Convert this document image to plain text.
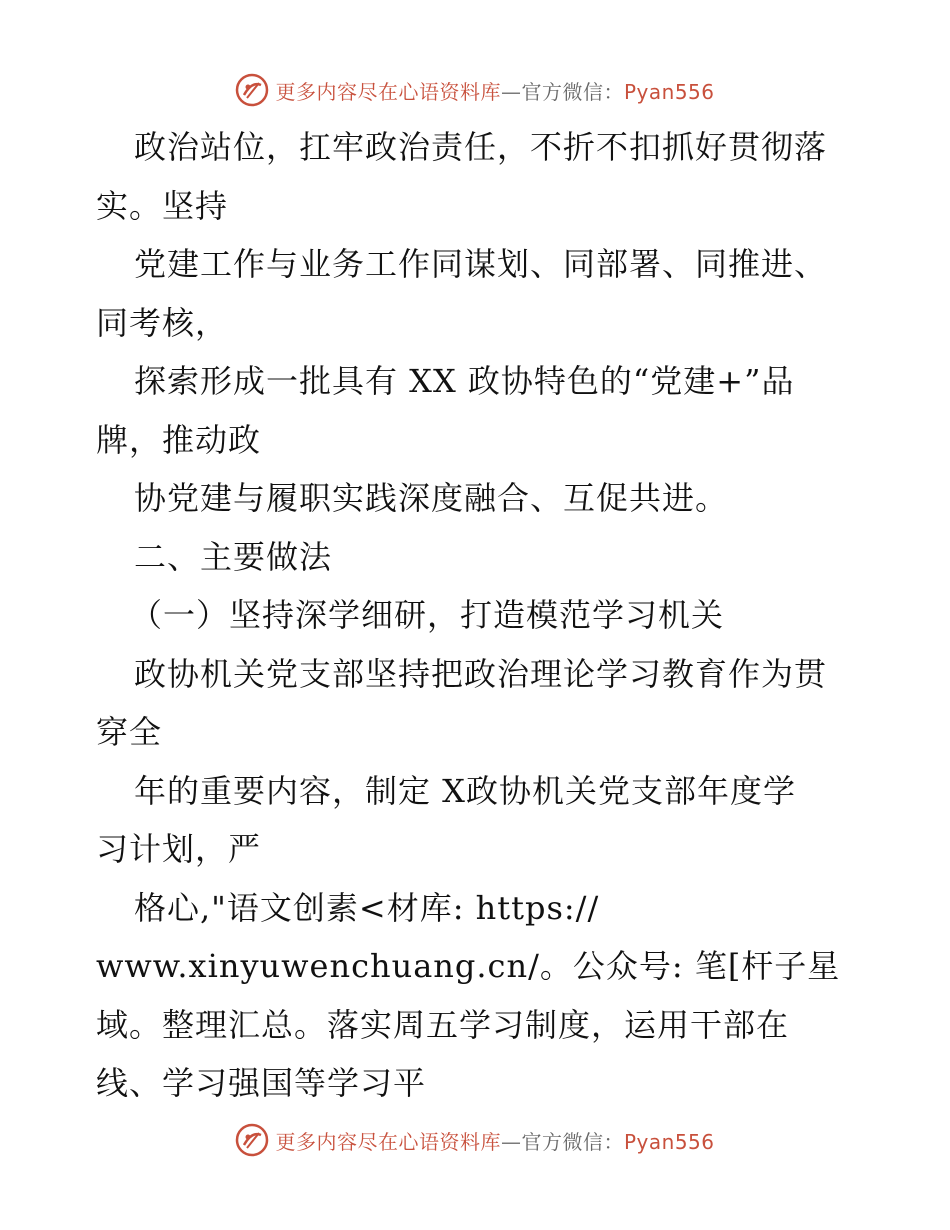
更多内容尽在心语资料库—官方微信：Pyan556
政治站位，扛牢政治责任，不折不扣抓好贯彻落
实。坚持
党建工作与业务工作同谋划、同部署、同推进、
同考核，
探索形成一批具有 XX 政协特色的“党建+”品
牌，推动政
协党建与履职实践深度融合、互促共进。
二、主要做法
（一）坚持深学细研，打造模范学习机关
政协机关党支部坚持把政治理论学习教育作为贯
穿全
年的重要内容，制定 X政协机关党支部年度学
习计划，严
格心,"语文创素<材库: https://
www.xinyuwenchuang.cn/。公众号: 笔[杆子星
域。整理汇总。落实周五学习制度，运用干部在
线、学习强国等学习平
更多内容尽在心语资料库—官方微信：Pyan556
